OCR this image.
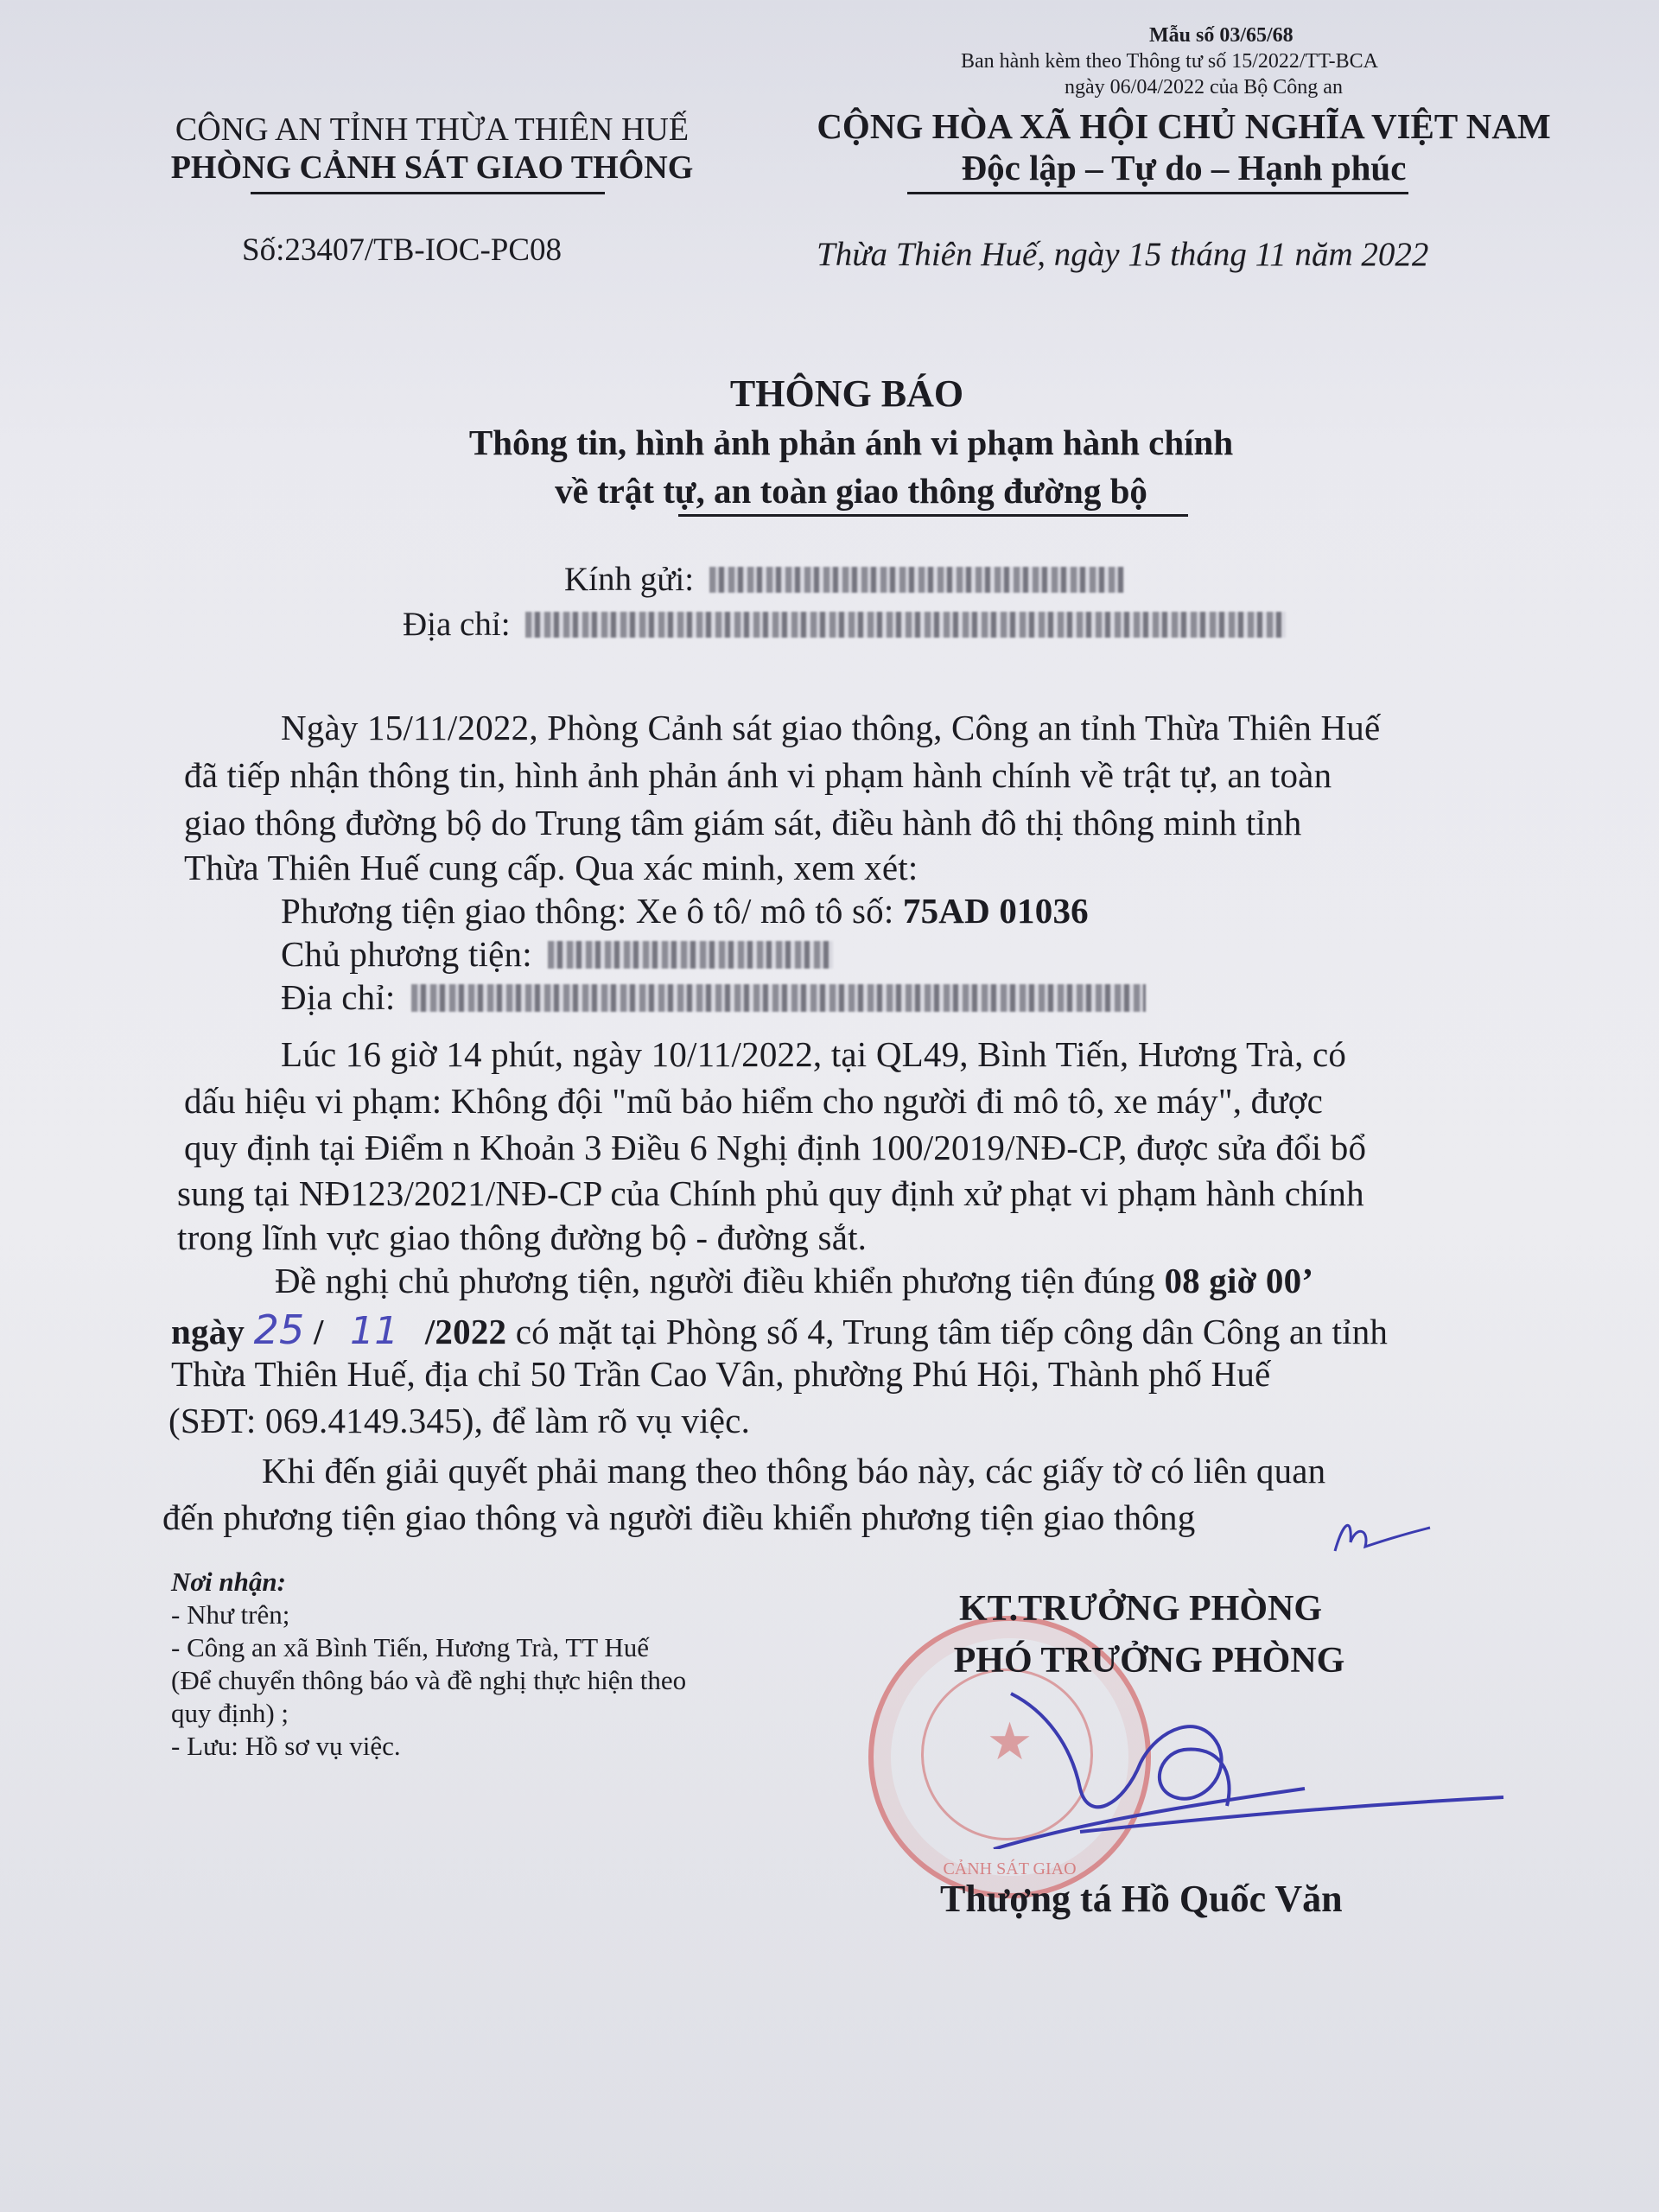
Mẫu số 03/65/68
Ban hành kèm theo Thông tư số 15/2022/TT-BCA
ngày 06/04/2022 của Bộ Công an
CÔNG AN TỈNH THỪA THIÊN HUẾ
PHÒNG CẢNH SÁT GIAO THÔNG
CỘNG HÒA XÃ HỘI CHỦ NGHĨA VIỆT NAM
Độc lập – Tự do – Hạnh phúc
Số:23407/TB-IOC-PC08	Thừa Thiên Huế, ngày 15 tháng 11 năm 2022
THÔNG BÁO
Thông tin, hình ảnh phản ánh vi phạm hành chính
về trật tự, an toàn giao thông đường bộ
Kính gửi:
Địa chỉ:
Ngày 15/11/2022, Phòng Cảnh sát giao thông, Công an tỉnh Thừa Thiên Huế
đã tiếp nhận thông tin, hình ảnh phản ánh vi phạm hành chính về trật tự, an toàn
giao thông đường bộ do Trung tâm giám sát, điều hành đô thị thông minh tỉnh
Thừa Thiên Huế cung cấp. Qua xác minh, xem xét:
Phương tiện giao thông: Xe ô tô/ mô tô số: 75AD 01036
Chủ phương tiện:
Địa chỉ:
Lúc 16 giờ 14 phút, ngày 10/11/2022, tại QL49, Bình Tiến, Hương Trà, có
dấu hiệu vi phạm: Không đội "mũ bảo hiểm cho người đi mô tô, xe máy", được
quy định tại Điểm n Khoản 3 Điều 6 Nghị định 100/2019/NĐ-CP, được sửa đổi bổ
sung tại NĐ123/2021/NĐ-CP của Chính phủ quy định xử phạt vi phạm hành chính
trong lĩnh vực giao thông đường bộ - đường sắt.
Đề nghị chủ phương tiện, người điều khiển phương tiện đúng 08 giờ 00’
ngày 25 / 11 /2022 có mặt tại Phòng số 4, Trung tâm tiếp công dân Công an tỉnh
Thừa Thiên Huế, địa chỉ 50 Trần Cao Vân, phường Phú Hội, Thành phố Huế
(SĐT: 069.4149.345), để làm rõ vụ việc.
Khi đến giải quyết phải mang theo thông báo này, các giấy tờ có liên quan
đến phương tiện giao thông và người điều khiển phương tiện giao thông
Nơi nhận:
- Như trên;
- Công an xã Bình Tiến, Hương Trà, TT Huế
(Để chuyển thông báo và đề nghị thực hiện theo
quy định) ;
- Lưu: Hồ sơ vụ việc.	★
CẢNH SÁT GIAO
KT.TRƯỞNG PHÒNG
PHÓ TRƯỞNG PHÒNG
Thượng tá Hồ Quốc Văn
